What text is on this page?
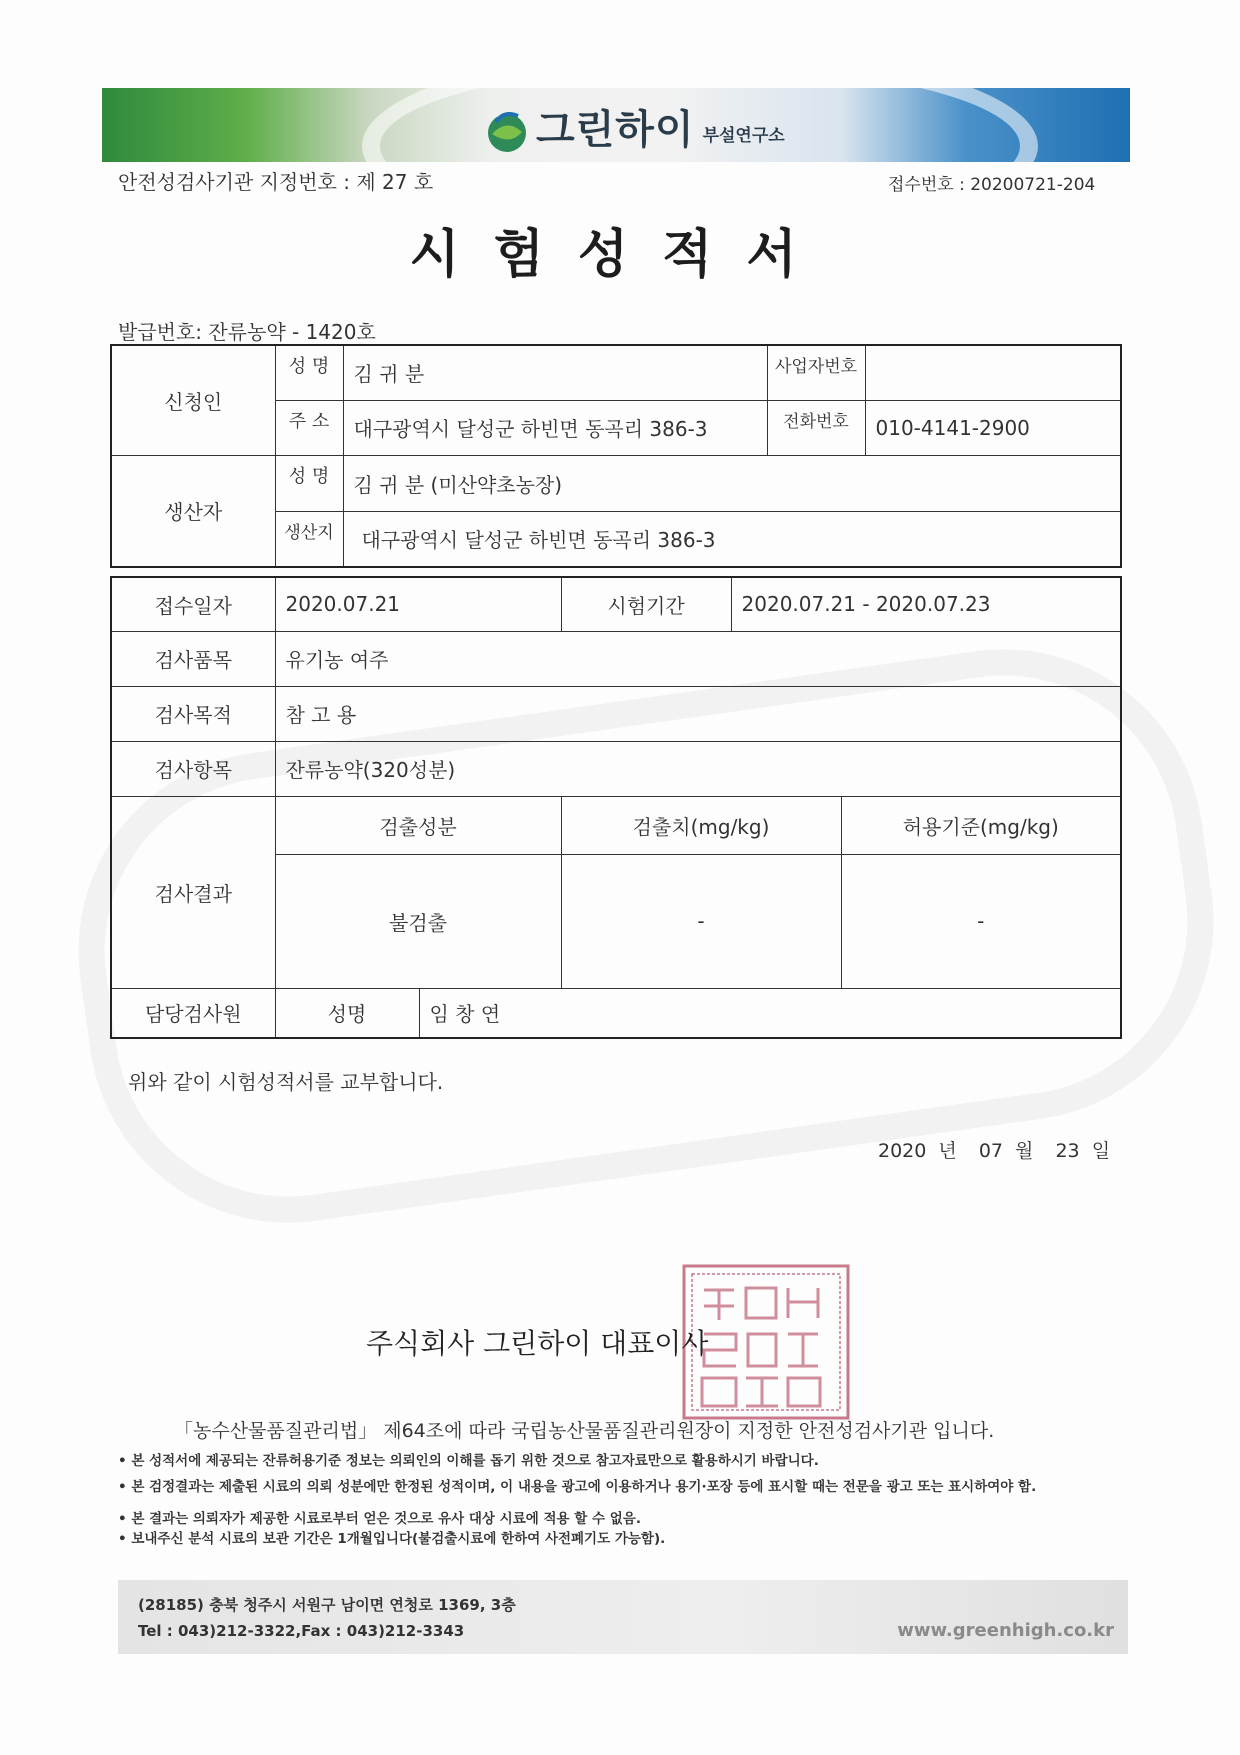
그린하이 부설연구소
안전성검사기관 지정번호 : 제 27 호	접수번호 : 20200721-204
시험성적서
발급번호: 잔류농약 - 1420호
신청인	성 명	김 귀 분	사업자번호	
	주 소	대구광역시 달성군 하빈면 동곡리 386-3	전화번호	010-4141-2900
생산자	성 명	김 귀 분 (미산약초농장)		
	생산지	대구광역시 달성군 하빈면 동곡리 386-3		
접수일자	2020.07.21		시험기간	2020.07.21 - 2020.07.23	
검사품목	유기농 여주				
검사목적	참 고 용				
검사항목	잔류농약(320성분)				
검사결과	검출성분		검출치(mg/kg)		허용기준(mg/kg)
	불검출		-		-
담당검사원	성명	임 창 연			
위와 같이 시험성적서를 교부합니다.
2020 년 07 월 23 일
주식회사 그린하이 대표이사
「농수산물품질관리법」 제64조에 따라 국립농산물품질관리원장이 지정한 안전성검사기관 입니다.
• 본 성적서에 제공되는 잔류허용기준 정보는 의뢰인의 이해를 돕기 위한 것으로 참고자료만으로 활용하시기 바랍니다.
• 본 검정결과는 제출된 시료의 의뢰 성분에만 한정된 성적이며, 이 내용을 광고에 이용하거나 용기·포장 등에 표시할 때는 전문을 광고 또는 표시하여야 함.
• 본 결과는 의뢰자가 제공한 시료로부터 얻은 것으로 유사 대상 시료에 적용 할 수 없음.
• 보내주신 분석 시료의 보관 기간은 1개월입니다(불검출시료에 한하여 사전폐기도 가능함).
(28185) 충북 청주시 서원구 남이면 연청로 1369, 3층
Tel : 043)212-3322,Fax : 043)212-3343	www.greenhigh.co.kr
